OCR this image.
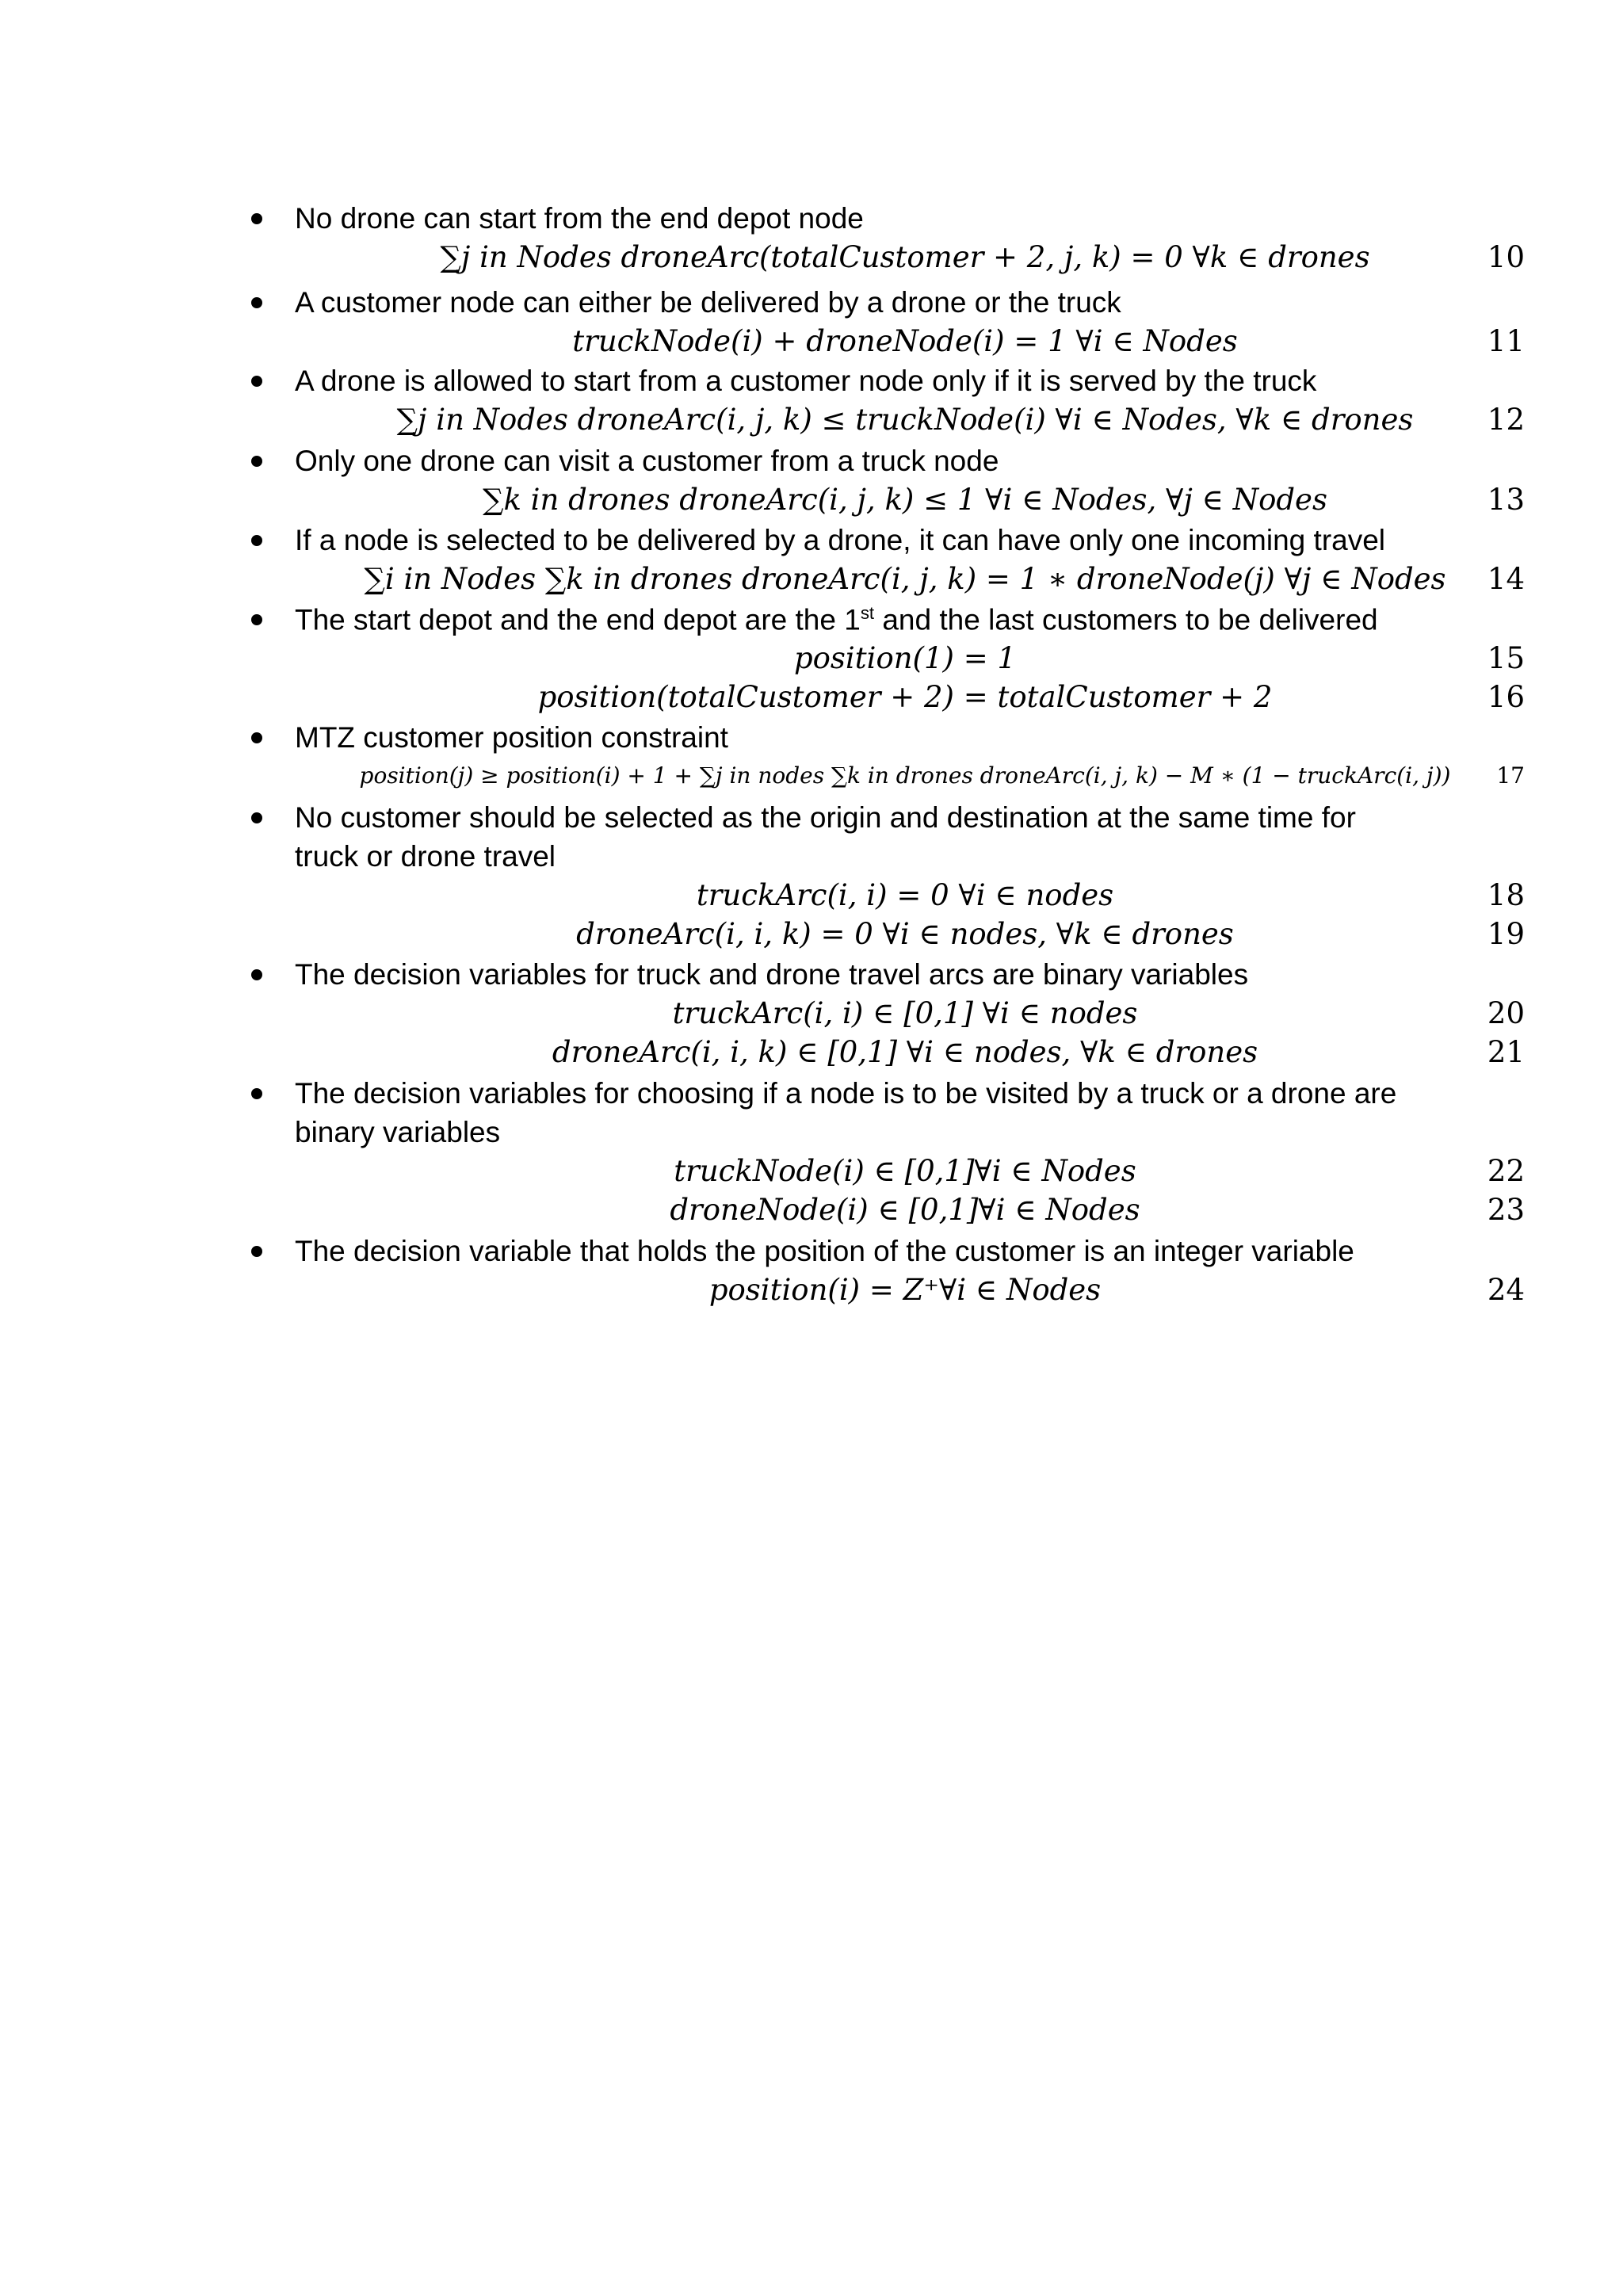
No drone can start from the end depot node
∑j in Nodes droneArc(totalCustomer + 2, j, k) = 0 ∀k ∈ drones	10
A customer node can either be delivered by a drone or the truck
truckNode(i) + droneNode(i) = 1 ∀i ∈ Nodes	11
A drone is allowed to start from a customer node only if it is served by the truck
∑j in Nodes droneArc(i, j, k) ≤ truckNode(i) ∀i ∈ Nodes, ∀k ∈ drones	12
Only one drone can visit a customer from a truck node
∑k in drones droneArc(i, j, k) ≤ 1 ∀i ∈ Nodes, ∀j ∈ Nodes	13
If a node is selected to be delivered by a drone, it can have only one incoming travel
∑i in Nodes ∑k in drones droneArc(i, j, k) = 1 ∗ droneNode(j) ∀j ∈ Nodes	14
The start depot and the end depot are the 1st and the last customers to be delivered
position(1) = 1	15
position(totalCustomer + 2) = totalCustomer + 2	16
MTZ customer position constraint
position(j) ≥ position(i) + 1 + ∑j in nodes ∑k in drones droneArc(i, j, k) − M ∗ (1 − truckArc(i, j))	17
No customer should be selected as the origin and destination at the same time for
truck or drone travel
truckArc(i, i) = 0 ∀i ∈ nodes	18
droneArc(i, i, k) = 0 ∀i ∈ nodes, ∀k ∈ drones	19
The decision variables for truck and drone travel arcs are binary variables
truckArc(i, i) ∈ [0,1] ∀i ∈ nodes	20
droneArc(i, i, k) ∈ [0,1] ∀i ∈ nodes, ∀k ∈ drones	21
The decision variables for choosing if a node is to be visited by a truck or a drone are
binary variables
truckNode(i) ∈ [0,1]∀i ∈ Nodes	22
droneNode(i) ∈ [0,1]∀i ∈ Nodes	23
The decision variable that holds the position of the customer is an integer variable
position(i) = Z⁺∀i ∈ Nodes	24
